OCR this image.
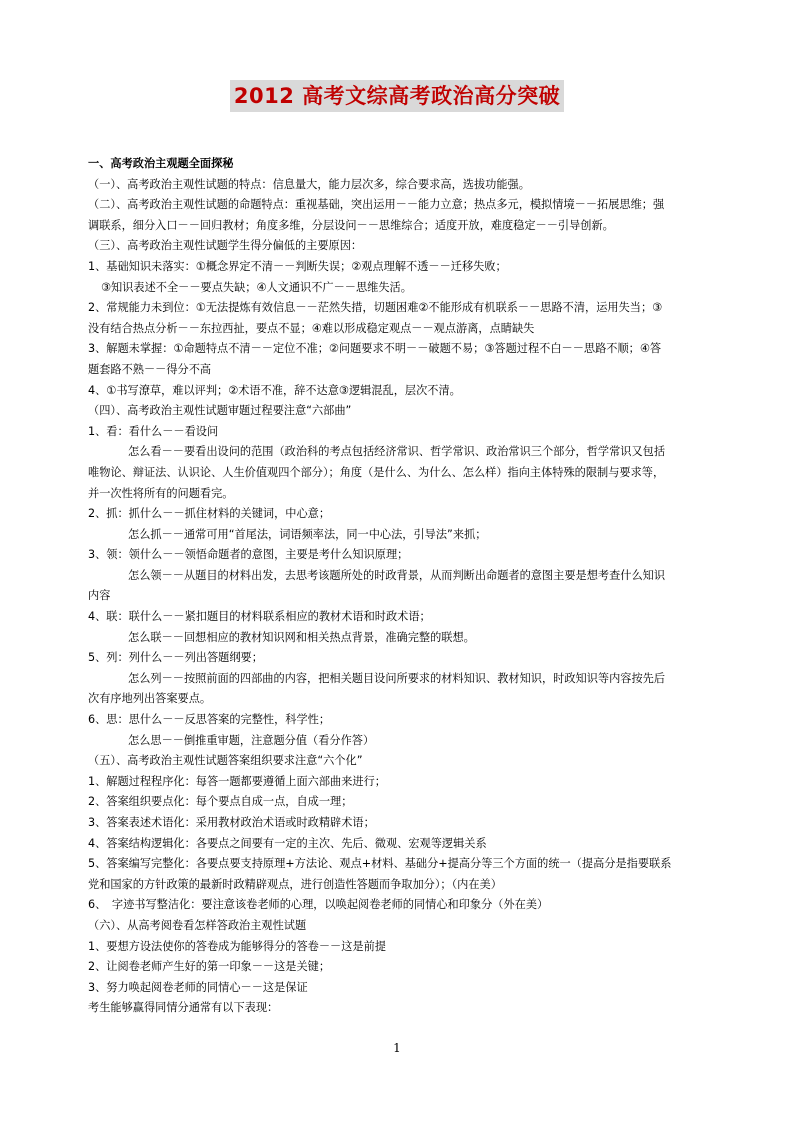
2012 高考文综高考政治高分突破

一、高考政治主观题全面探秘

（一）、高考政治主观性试题的特点：信息量大，能力层次多，综合要求高，选拔功能强。

（二）、高考政治主观性试题的命题特点：重视基础，突出运用－－能力立意；热点多元，模拟情境－－拓展思维；强

调联系，细分入口－－回归教材；角度多维，分层设问－－思维综合；适度开放，难度稳定－－引导创新。

（三）、高考政治主观性试题学生得分偏低的主要原因：

1、基础知识未落实：①概念界定不清－－判断失误；②观点理解不透－－迁移失败；

③知识表述不全－－要点失缺；④人文通识不广－－思维失活。

2、常规能力未到位：①无法提炼有效信息－－茫然失措，切题困难②不能形成有机联系－－思路不清，运用失当；③

没有结合热点分析－－东拉西扯，要点不显；④难以形成稳定观点－－观点游离，点睛缺失

3、解题未掌握：①命题特点不清－－定位不准；②问题要求不明－－破题不易；③答题过程不白－－思路不顺；④答

题套路不熟－－得分不高

4、①书写潦草，难以评判；②术语不准，辞不达意③逻辑混乱，层次不清。

（四）、高考政治主观性试题审题过程要注意“六部曲”

1、看：看什么－－看设问

怎么看－－要看出设问的范围（政治科的考点包括经济常识、哲学常识、政治常识三个部分，哲学常识又包括

唯物论、辩证法、认识论、人生价值观四个部分）；角度（是什么、为什么、怎么样）指向主体特殊的限制与要求等，

并一次性将所有的问题看完。

2、抓：抓什么－－抓住材料的关键词，中心意；

怎么抓－－通常可用“首尾法，词语频率法，同一中心法，引导法”来抓；

3、领：领什么－－领悟命题者的意图，主要是考什么知识原理；

怎么领－－从题目的材料出发，去思考该题所处的时政背景，从而判断出命题者的意图主要是想考查什么知识

内容

4、联：联什么－－紧扣题目的材料联系相应的教材术语和时政术语；

怎么联－－回想相应的教材知识网和相关热点背景，准确完整的联想。

5、列：列什么－－列出答题纲要；

怎么列－－按照前面的四部曲的内容，把相关题目设问所要求的材料知识、教材知识，时政知识等内容按先后

次有序地列出答案要点。

6、思：思什么－－反思答案的完整性，科学性；

怎么思－－倒推重审题，注意题分值（看分作答）

（五）、高考政治主观性试题答案组织要求注意“六个化”

1、解题过程程序化：每答一题都要遵循上面六部曲来进行；

2、答案组织要点化：每个要点自成一点，自成一理；

3、答案表述术语化：采用教材政治术语或时政精辟术语；

4、答案结构逻辑化：各要点之间要有一定的主次、先后、微观、宏观等逻辑关系

5、答案编写完整化：各要点要支持原理+方法论、观点+材料、基础分+提高分等三个方面的统一（提高分是指要联系

党和国家的方针政策的最新时政精辟观点，进行创造性答题而争取加分）；（内在美）

6、　字迹书写整洁化：要注意该卷老师的心理，以唤起阅卷老师的同情心和印象分（外在美）

（六）、从高考阅卷看怎样答政治主观性试题

1、要想方设法使你的答卷成为能够得分的答卷－－这是前提

2、让阅卷老师产生好的第一印象－－这是关键；

3、努力唤起阅卷老师的同情心－－这是保证

考生能够赢得同情分通常有以下表现：

1
